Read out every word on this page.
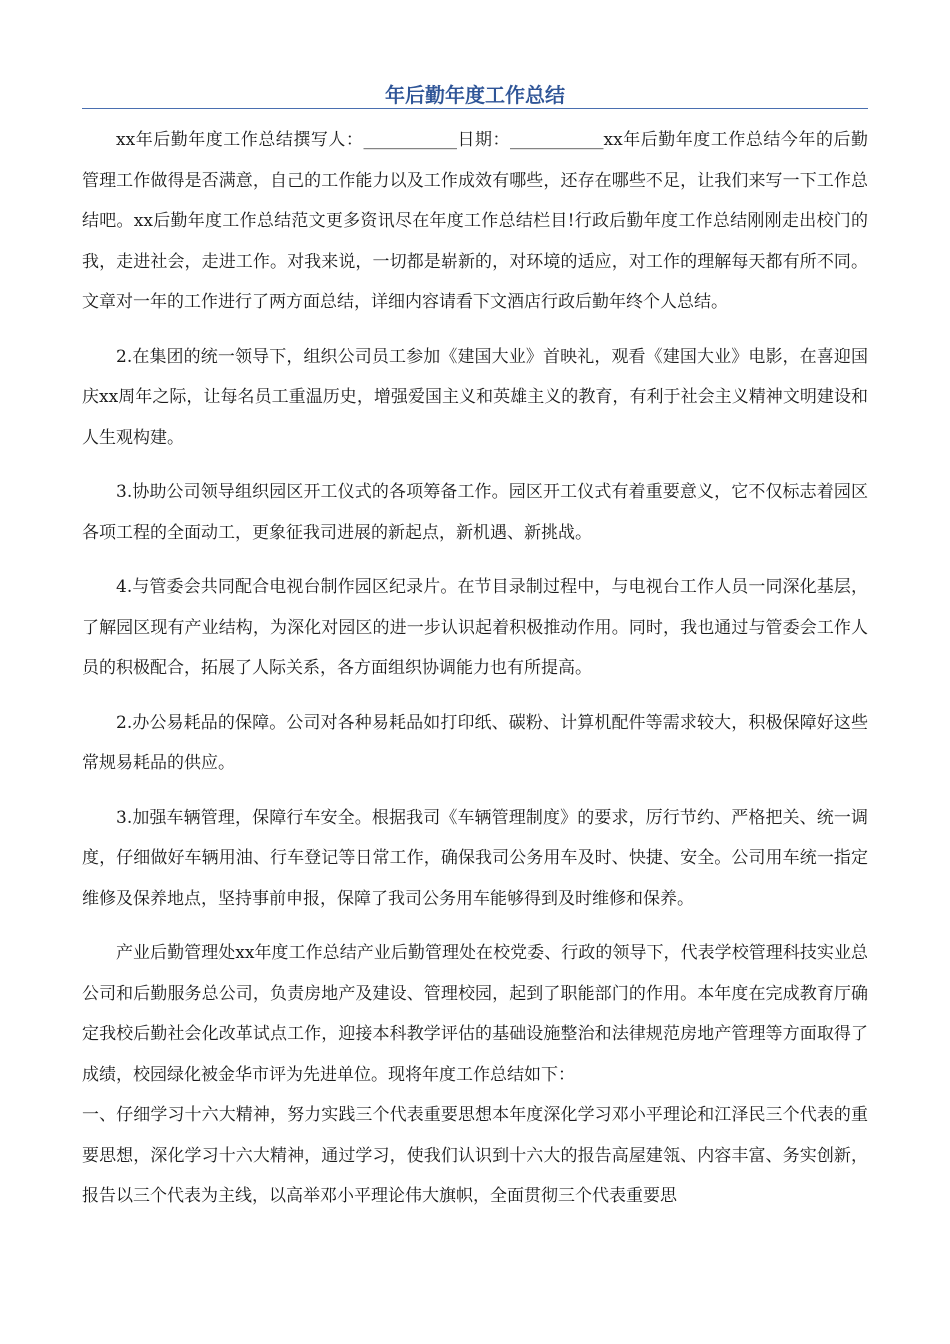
年后勤年度工作总结

xx年后勤年度工作总结撰写人：___________日期：___________xx年后勤年度工作总结今年的后勤管理工作做得是否满意，自己的工作能力以及工作成效有哪些，还存在哪些不足，让我们来写一下工作总结吧。xx后勤年度工作总结范文更多资讯尽在年度工作总结栏目!行政后勤年度工作总结刚刚走出校门的我，走进社会，走进工作。对我来说，一切都是崭新的，对环境的适应，对工作的理解每天都有所不同。文章对一年的工作进行了两方面总结，详细内容请看下文酒店行政后勤年终个人总结。

2.在集团的统一领导下，组织公司员工参加《建国大业》首映礼，观看《建国大业》电影，在喜迎国庆xx周年之际，让每名员工重温历史，增强爱国主义和英雄主义的教育，有利于社会主义精神文明建设和人生观构建。

3.协助公司领导组织园区开工仪式的各项筹备工作。园区开工仪式有着重要意义，它不仅标志着园区各项工程的全面动工，更象征我司进展的新起点，新机遇、新挑战。

4.与管委会共同配合电视台制作园区纪录片。在节目录制过程中，与电视台工作人员一同深化基层，了解园区现有产业结构，为深化对园区的进一步认识起着积极推动作用。同时，我也通过与管委会工作人员的积极配合，拓展了人际关系，各方面组织协调能力也有所提高。

2.办公易耗品的保障。公司对各种易耗品如打印纸、碳粉、计算机配件等需求较大，积极保障好这些常规易耗品的供应。

3.加强车辆管理，保障行车安全。根据我司《车辆管理制度》的要求，厉行节约、严格把关、统一调度，仔细做好车辆用油、行车登记等日常工作，确保我司公务用车及时、快捷、安全。公司用车统一指定维修及保养地点，坚持事前申报，保障了我司公务用车能够得到及时维修和保养。

产业后勤管理处xx年度工作总结产业后勤管理处在校党委、行政的领导下，代表学校管理科技实业总公司和后勤服务总公司，负责房地产及建设、管理校园，起到了职能部门的作用。本年度在完成教育厅确定我校后勤社会化改革试点工作，迎接本科教学评估的基础设施整治和法律规范房地产管理等方面取得了成绩，校园绿化被金华市评为先进单位。现将年度工作总结如下：

一、仔细学习十六大精神，努力实践三个代表重要思想本年度深化学习邓小平理论和江泽民三个代表的重要思想，深化学习十六大精神，通过学习，使我们认识到十六大的报告高屋建瓴、内容丰富、务实创新，报告以三个代表为主线，以高举邓小平理论伟大旗帜，全面贯彻三个代表重要思
